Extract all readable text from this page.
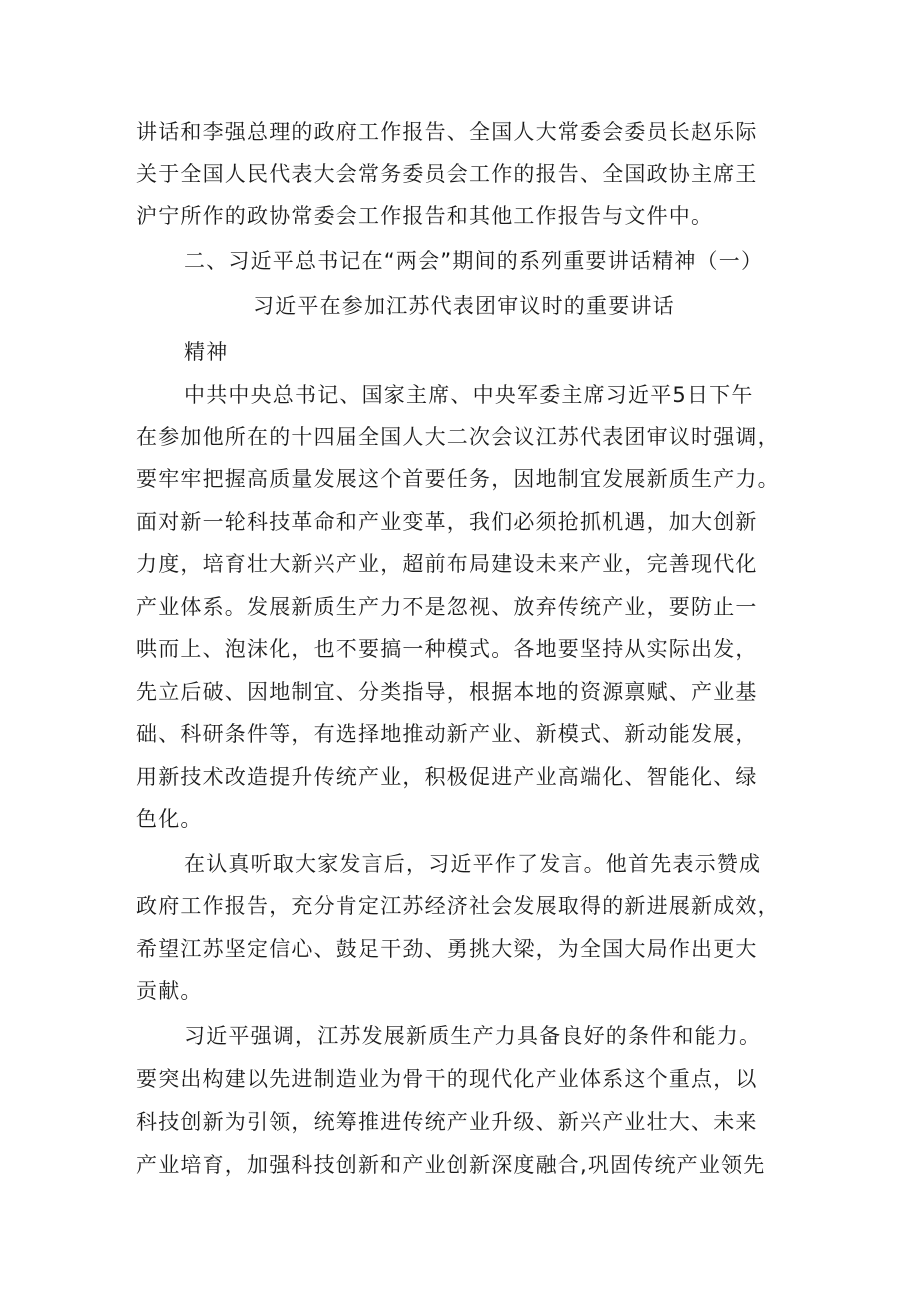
讲话和李强总理的政府工作报告、全国人大常委会委员长赵乐际
关于全国人民代表大会常务委员会工作的报告、全国政协主席王
沪宁所作的政协常委会工作报告和其他工作报告与文件中。
二、习近平总书记在“两会”期间的系列重要讲话精神（一）
习近平在参加江苏代表团审议时的重要讲话
精神
中共中央总书记、国家主席、中央军委主席习近平5日下午
在参加他所在的十四届全国人大二次会议江苏代表团审议时强调，
要牢牢把握高质量发展这个首要任务，因地制宜发展新质生产力。
面对新一轮科技革命和产业变革，我们必须抢抓机遇，加大创新
力度，培育壮大新兴产业，超前布局建设未来产业，完善现代化
产业体系。发展新质生产力不是忽视、放弃传统产业，要防止一
哄而上、泡沫化，也不要搞一种模式。各地要坚持从实际出发，
先立后破、因地制宜、分类指导，根据本地的资源禀赋、产业基
础、科研条件等，有选择地推动新产业、新模式、新动能发展，
用新技术改造提升传统产业，积极促进产业高端化、智能化、绿
色化。
在认真听取大家发言后，习近平作了发言。他首先表示赞成
政府工作报告，充分肯定江苏经济社会发展取得的新进展新成效，
希望江苏坚定信心、鼓足干劲、勇挑大梁，为全国大局作出更大
贡献。
习近平强调，江苏发展新质生产力具备良好的条件和能力。
要突出构建以先进制造业为骨干的现代化产业体系这个重点，以
科技创新为引领，统筹推进传统产业升级、新兴产业壮大、未来
产业培育，加强科技创新和产业创新深度融合,巩固传统产业领先
